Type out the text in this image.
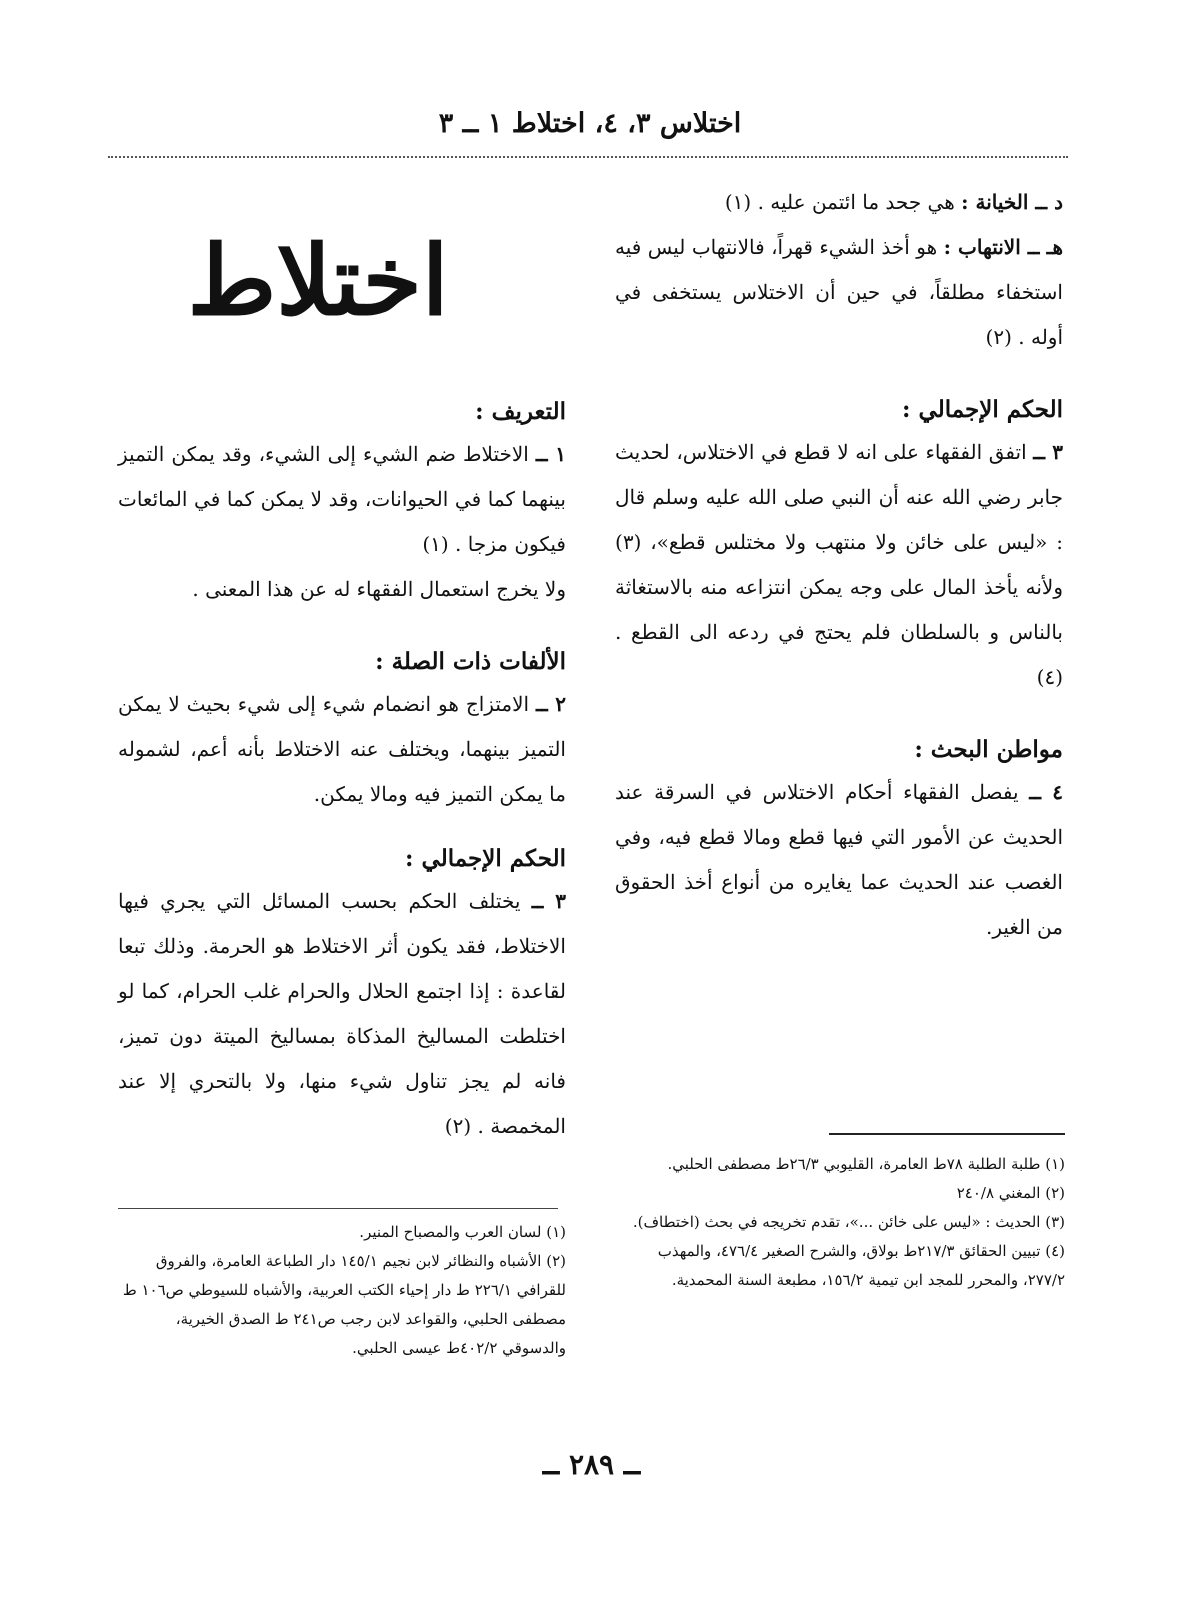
اختلاس ٣، ٤، اختلاط ١ ــ ٣

د ــ الخيانة : هي جحد ما ائتمن عليه . (١)

هـ ــ الانتهاب : هو أخذ الشيء قهراً، فالانتهاب ليس فيه استخفاء مطلقاً، في حين أن الاختلاس يستخفى في أوله . (٢)

الحكم الإجمالي :

٣ ــ اتفق الفقهاء على انه لا قطع في الاختلاس، لحديث جابر رضي الله عنه أن النبي صلى الله عليه وسلم قال : «ليس على خائن ولا منتهب ولا مختلس قطع»، (٣) ولأنه يأخذ المال على وجه يمكن انتزاعه منه بالاستغاثة بالناس و بالسلطان فلم يحتج في ردعه الى القطع . (٤)

مواطن البحث :

٤ ــ يفصل الفقهاء أحكام الاختلاس في السرقة عند الحديث عن الأمور التي فيها قطع ومالا قطع فيه، وفي الغصب عند الحديث عما يغايره من أنواع أخذ الحقوق من الغير.

اختلاط
التعريف :

١ ــ الاختلاط ضم الشيء إلى الشيء، وقد يمكن التميز بينهما كما في الحيوانات، وقد لا يمكن كما في المائعات فيكون مزجا . (١)

ولا يخرج استعمال الفقهاء له عن هذا المعنى .

الألفات ذات الصلة :

٢ ــ الامتزاج هو انضمام شيء إلى شيء بحيث لا يمكن التميز بينهما، ويختلف عنه الاختلاط بأنه أعم، لشموله ما يمكن التميز فيه ومالا يمكن.

الحكم الإجمالي :

٣ ــ يختلف الحكم بحسب المسائل التي يجري فيها الاختلاط، فقد يكون أثر الاختلاط هو الحرمة. وذلك تبعا لقاعدة : إذا اجتمع الحلال والحرام غلب الحرام، كما لو اختلطت المساليخ المذكاة بمساليخ الميتة دون تميز، فانه لم يجز تناول شيء منها، ولا بالتحري إلا عند المخمصة . (٢)

(١) طلبة الطلبة ٧٨ط العامرة، القليوبي ٢٦/٣ط مصطفى الحلبي.

(٢) المغني ٢٤٠/٨

(٣) الحديث : «ليس على خائن ...»، تقدم تخريجه في بحث (اختطاف).

(٤) تبيين الحقائق ٢١٧/٣ط بولاق، والشرح الصغير ٤٧٦/٤، والمهذب ٢٧٧/٢، والمحرر للمجد ابن تيمية ١٥٦/٢، مطبعة السنة المحمدية.

(١) لسان العرب والمصباح المنير.

(٢) الأشباه والنظائر لابن نجيم ١٤٥/١ دار الطباعة العامرة، والفروق للقرافي ٢٢٦/١ ط دار إحياء الكتب العربية، والأشباه للسيوطي ص١٠٦ ط مصطفى الحلبي، والقواعد لابن رجب ص٢٤١ ط الصدق الخيرية، والدسوقي ٤٠٢/٢ط عيسى الحلبي.

ــ ٢٨٩ ــ
